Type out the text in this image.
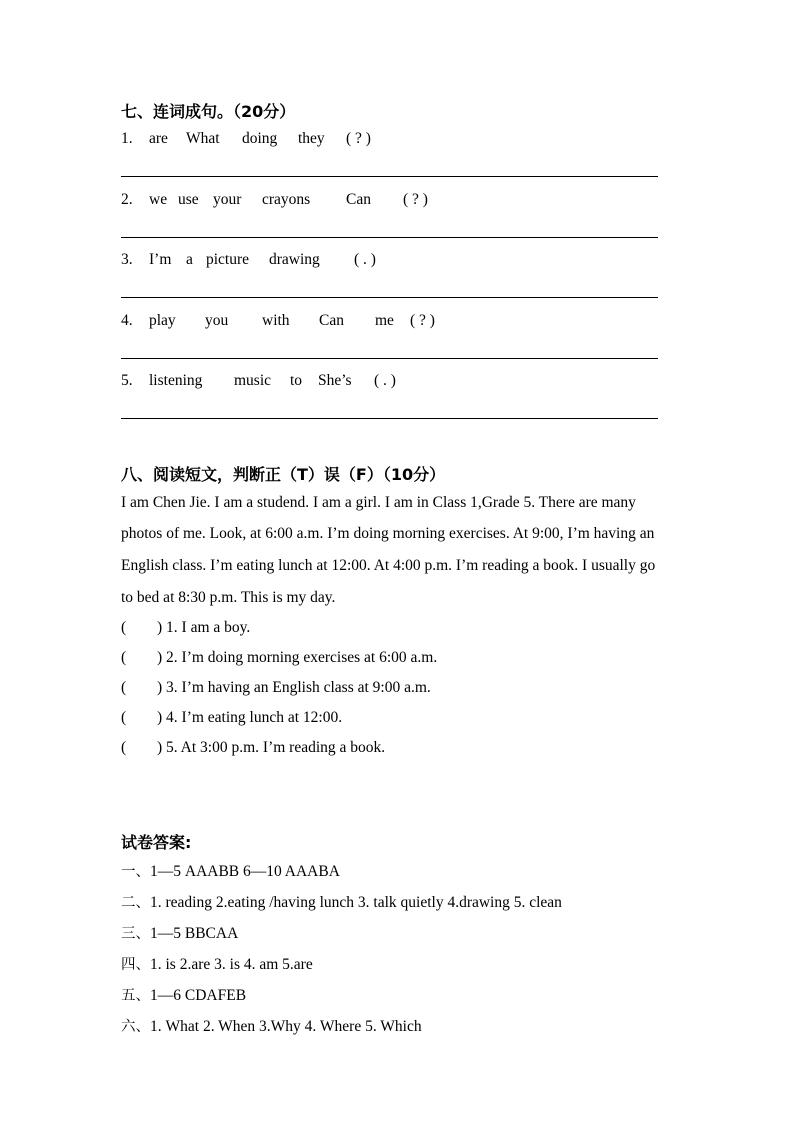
七、连词成句。（20分）
1. are What doing they ( ? )
2. we use your crayons Can ( ? )
3. I’m a picture drawing ( . )
4. play you with Can me ( ? )
5. listening music to She’s ( . )
八、阅读短文，判断正（T）误（F）（10分）
I am Chen Jie. I am a studend. I am a girl. I am in Class 1,Grade 5. There are many
photos of me. Look, at 6:00 a.m. I’m doing morning exercises. At 9:00, I’m having an
English class. I’m eating lunch at 12:00. At 4:00 p.m. I’m reading a book. I usually go
to bed at 8:30 p.m. This is my day.
( ) 1. I am a boy.
( ) 2. I’m doing morning exercises at 6:00 a.m.
( ) 3. I’m having an English class at 9:00 a.m.
( ) 4. I’m eating lunch at 12:00.
( ) 5. At 3:00 p.m. I’m reading a book.
试卷答案:
一、1—5 AAABB 6—10 AAABA
二、1. reading 2.eating /having lunch 3. talk quietly 4.drawing 5. clean
三、1—5 BBCAA
四、1. is 2.are 3. is 4. am 5.are
五、1—6 CDAFEB
六、1. What 2. When 3.Why 4. Where 5. Which
